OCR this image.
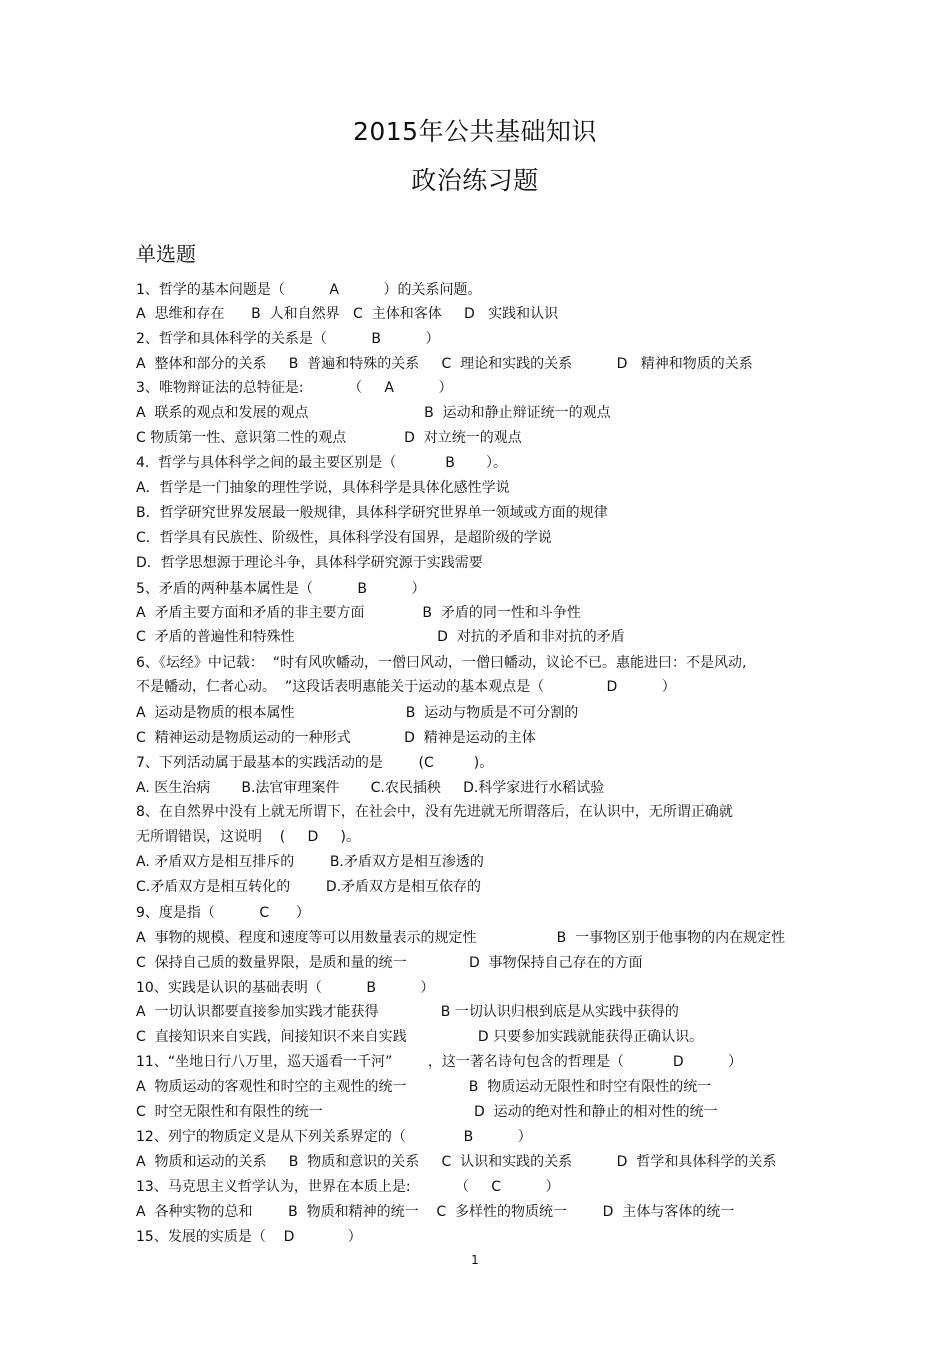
2015年公共基础知识
政治练习题
单选题
1、哲学的基本问题是（          A          ）的关系问题。
A  思维和存在      B  人和自然界   C  主体和客体     D   实践和认识
2、哲学和具体科学的关系是（          B          ）
A  整体和部分的关系     B  普遍和特殊的关系     C  理论和实践的关系          D   精神和物质的关系
3、唯物辩证法的总特征是:          （     A          ）
A  联系的观点和发展的观点                          B  运动和静止辩证统一的观点
C 物质第一性、意识第二性的观点             D  对立统一的观点
4.  哲学与具体科学之间的最主要区别是（           B       ）。
A．哲学是一门抽象的理性学说，具体科学是具体化感性学说
B．哲学研究世界发展最一般规律，具体科学研究世界单一领域或方面的规律
C．哲学具有民族性、阶级性，具体科学没有国界，是超阶级的学说
D．哲学思想源于理论斗争，具体科学研究源于实践需要
5、矛盾的两种基本属性是（          B          ）
A  矛盾主要方面和矛盾的非主要方面             B  矛盾的同一性和斗争性
C  矛盾的普遍性和特殊性                                D  对抗的矛盾和非对抗的矛盾
6、《坛经》中记载：  “时有风吹幡动，一僧曰风动，一僧曰幡动，议论不已。惠能进曰：不是风动,
不是幡动，仁者心动。  ”这段话表明惠能关于运动的基本观点是（              D          ）
A  运动是物质的根本属性                         B  运动与物质是不可分割的
C  精神运动是物质运动的一种形式            D  精神是运动的主体
7、下列活动属于最基本的实践活动的是        (C         )。
A. 医生治病       B.法官审理案件       C.农民插秧     D.科学家进行水稻试验
8、在自然界中没有上就无所谓下，在社会中，没有先进就无所谓落后，在认识中，无所谓正确就
无所谓错误，这说明    (     D     )。
A. 矛盾双方是相互排斥的        B.矛盾双方是相互渗透的
C.矛盾双方是相互转化的        D.矛盾双方是相互依存的
9、度是指（          C      ）
A  事物的规模、程度和速度等可以用数量表示的规定性                  B  一事物区别于他事物的内在规定性
C  保持自己质的数量界限，是质和量的统一              D  事物保持自己存在的方面
10、实践是认识的基础表明（          B          ）
A  一切认识都要直接参加实践才能获得              B 一切认识归根到底是从实践中获得的
C  直接知识来自实践，间接知识不来自实践                D 只要参加实践就能获得正确认识。
11、“坐地日行八万里，巡天遥看一千河”        ，这一著名诗句包含的哲理是（           D          ）
A  物质运动的客观性和时空的主观性的统一              B  物质运动无限性和时空有限性的统一
C  时空无限性和有限性的统一                                  D  运动的绝对性和静止的相对性的统一
12、列宁的物质定义是从下列关系界定的（             B          ）
A  物质和运动的关系     B  物质和意识的关系     C  认识和实践的关系          D  哲学和具体科学的关系
13、马克思主义哲学认为，世界在本质上是:          （     C          ）
A  各种实物的总和        B  物质和精神的统一    C  多样性的物质统一        D  主体与客体的统一
15、发展的实质是（    D            ）
1
